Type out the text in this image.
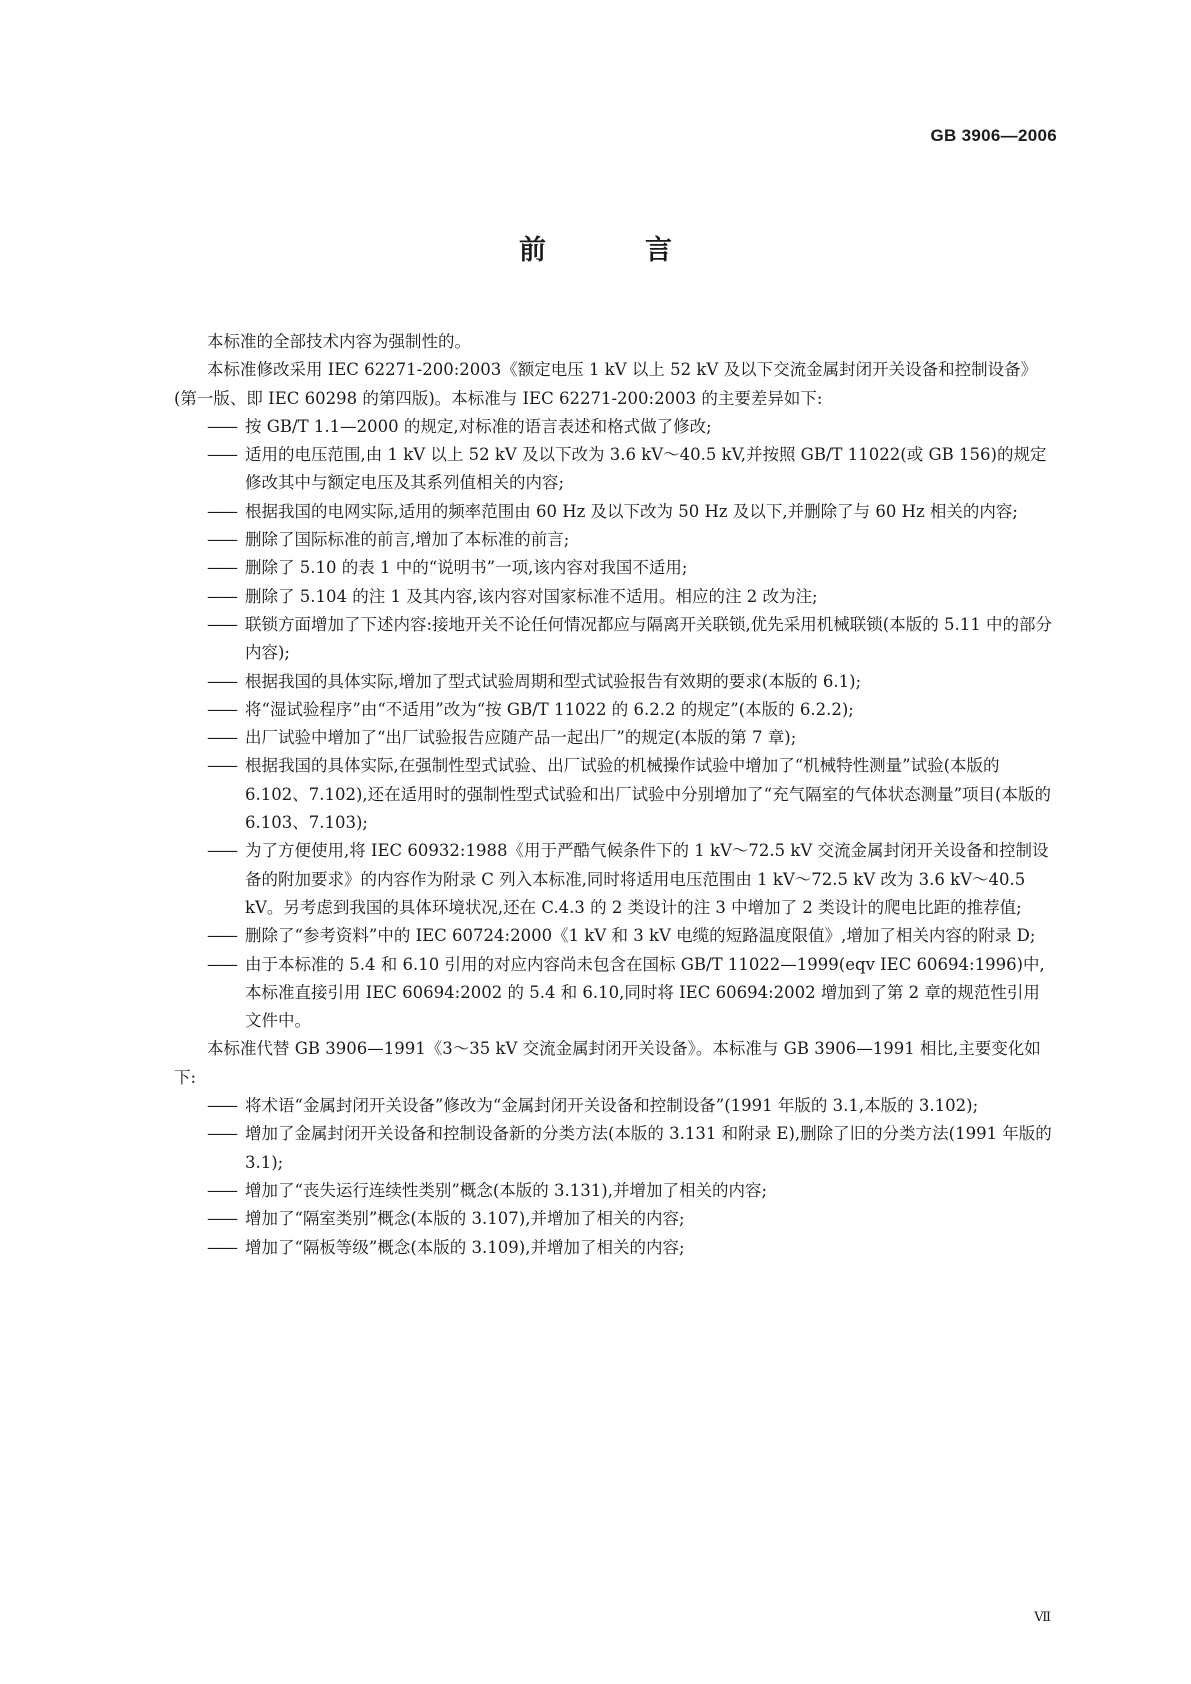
GB 3906—2006
前　言

本标准的全部技术内容为强制性的。

本标准修改采用 IEC 62271-200:2003《额定电压 1 kV 以上 52 kV 及以下交流金属封闭开关设备和控制设备》(第一版、即 IEC 60298 的第四版)。本标准与 IEC 62271-200:2003 的主要差异如下:

—— 按 GB/T 1.1—2000 的规定,对标准的语言表述和格式做了修改;

—— 适用的电压范围,由 1 kV 以上 52 kV 及以下改为 3.6 kV～40.5 kV,并按照 GB/T 11022(或 GB 156)的规定修改其中与额定电压及其系列值相关的内容;

—— 根据我国的电网实际,适用的频率范围由 60 Hz 及以下改为 50 Hz 及以下,并删除了与 60 Hz 相关的内容;

—— 删除了国际标准的前言,增加了本标准的前言;

—— 删除了 5.10 的表 1 中的“说明书”一项,该内容对我国不适用;

—— 删除了 5.104 的注 1 及其内容,该内容对国家标准不适用。相应的注 2 改为注;

—— 联锁方面增加了下述内容:接地开关不论任何情况都应与隔离开关联锁,优先采用机械联锁(本版的 5.11 中的部分内容);

—— 根据我国的具体实际,增加了型式试验周期和型式试验报告有效期的要求(本版的 6.1);

—— 将“湿试验程序”由“不适用”改为“按 GB/T 11022 的 6.2.2 的规定”(本版的 6.2.2);

—— 出厂试验中增加了“出厂试验报告应随产品一起出厂”的规定(本版的第 7 章);

—— 根据我国的具体实际,在强制性型式试验、出厂试验的机械操作试验中增加了“机械特性测量”试验(本版的 6.102、7.102),还在适用时的强制性型式试验和出厂试验中分别增加了“充气隔室的气体状态测量”项目(本版的 6.103、7.103);

—— 为了方便使用,将 IEC 60932:1988《用于严酷气候条件下的 1 kV～72.5 kV 交流金属封闭开关设备和控制设备的附加要求》的内容作为附录 C 列入本标准,同时将适用电压范围由 1 kV～72.5 kV 改为 3.6 kV～40.5 kV。另考虑到我国的具体环境状况,还在 C.4.3 的 2 类设计的注 3 中增加了 2 类设计的爬电比距的推荐值;

—— 删除了“参考资料”中的 IEC 60724:2000《1 kV 和 3 kV 电缆的短路温度限值》,增加了相关内容的附录 D;

—— 由于本标准的 5.4 和 6.10 引用的对应内容尚未包含在国标 GB/T 11022—1999(eqv IEC 60694:1996)中,本标准直接引用 IEC 60694:2002 的 5.4 和 6.10,同时将 IEC 60694:2002 增加到了第 2 章的规范性引用文件中。

本标准代替 GB 3906—1991《3～35 kV 交流金属封闭开关设备》。本标准与 GB 3906—1991 相比,主要变化如下:

—— 将术语“金属封闭开关设备”修改为“金属封闭开关设备和控制设备”(1991 年版的 3.1,本版的 3.102);

—— 增加了金属封闭开关设备和控制设备新的分类方法(本版的 3.131 和附录 E),删除了旧的分类方法(1991 年版的 3.1);

—— 增加了“丧失运行连续性类别”概念(本版的 3.131),并增加了相关的内容;

—— 增加了“隔室类别”概念(本版的 3.107),并增加了相关的内容;

—— 增加了“隔板等级”概念(本版的 3.109),并增加了相关的内容;

Ⅶ
